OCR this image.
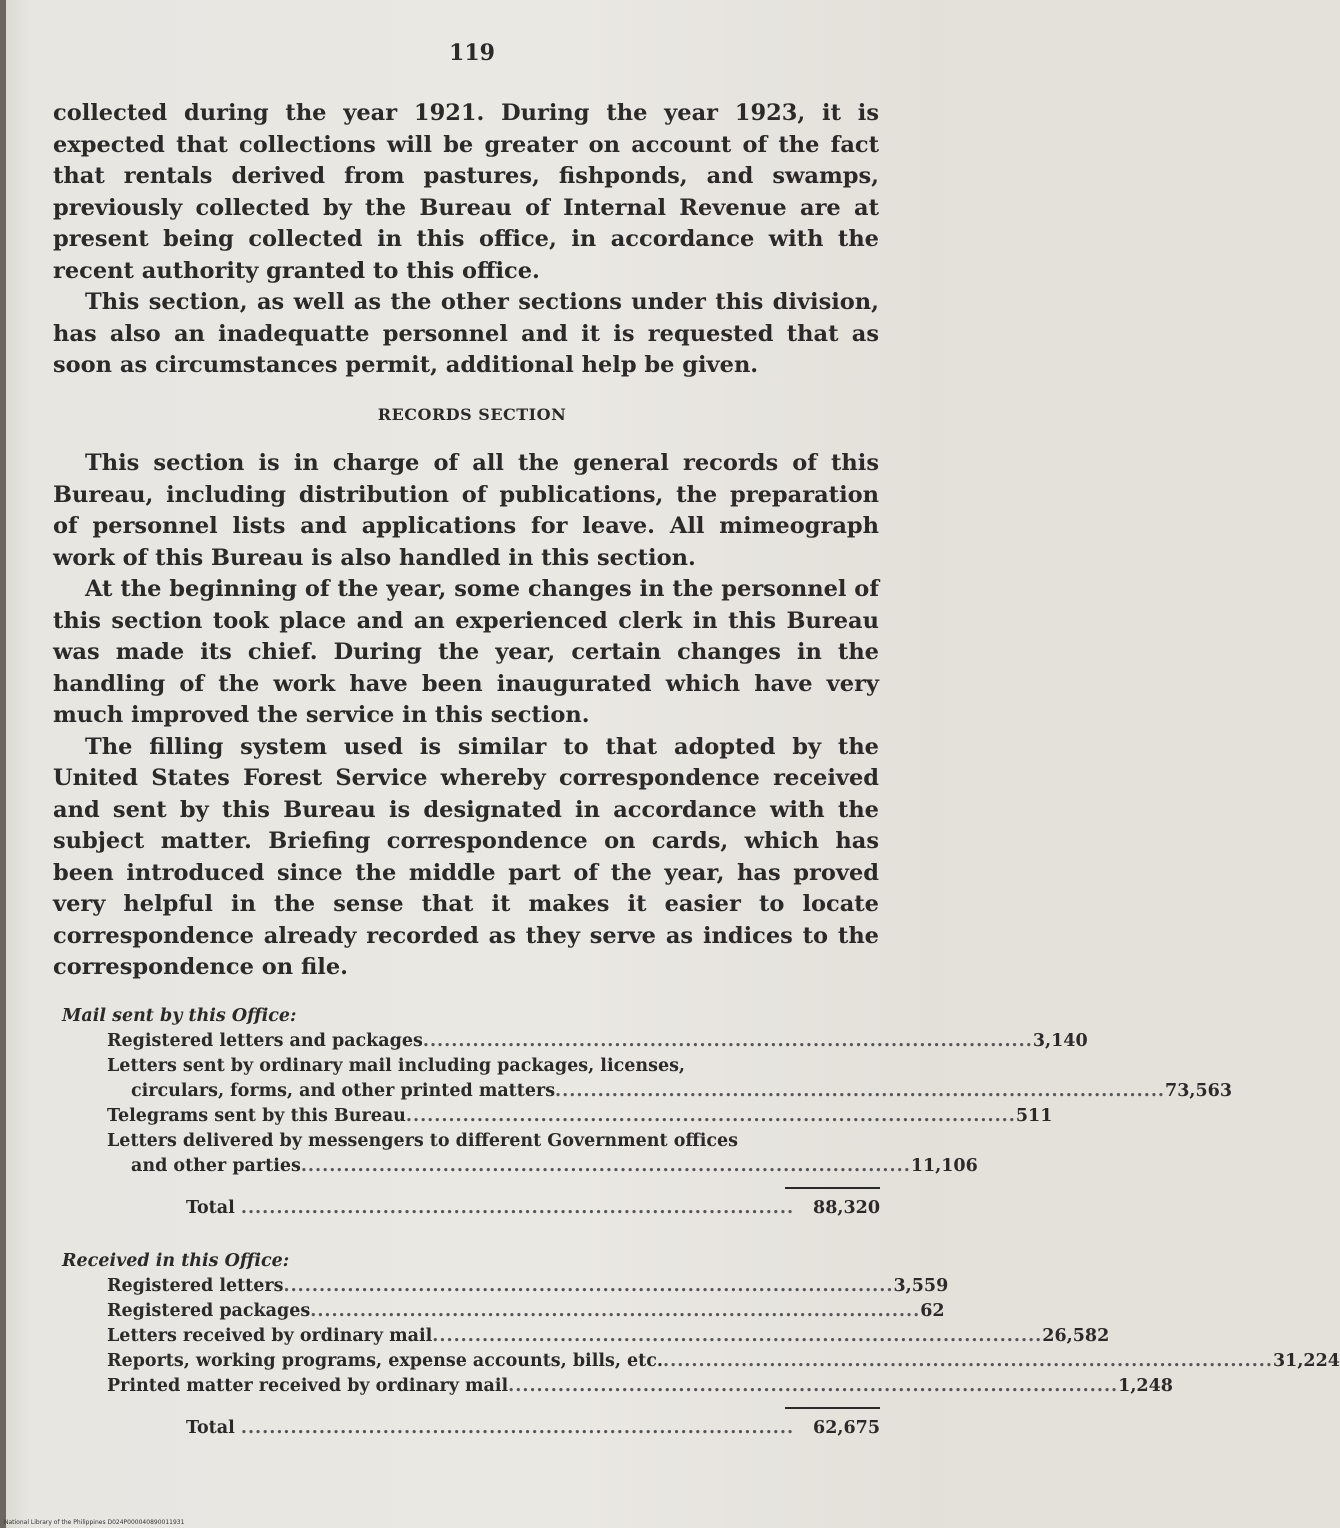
119

collected during the year 1921. During the year 1923, it is expected that collections will be greater on account of the fact that rentals derived from pastures, fishponds, and swamps, previously collected by the Bureau of Internal Revenue are at present being collected in this office, in accordance with the recent authority granted to this office.

This section, as well as the other sections under this division, has also an inadequatte personnel and it is requested that as soon as circumstances permit, additional help be given.

RECORDS SECTION

This section is in charge of all the general records of this Bureau, including distribution of publications, the preparation of personnel lists and applications for leave. All mimeograph work of this Bureau is also handled in this section.

At the beginning of the year, some changes in the personnel of this section took place and an experienced clerk in this Bureau was made its chief. During the year, certain changes in the handling of the work have been inaugurated which have very much improved the service in this section.

The filling system used is similar to that adopted by the United States Forest Service whereby correspondence received and sent by this Bureau is designated in accordance with the subject matter. Briefing correspondence on cards, which has been introduced since the middle part of the year, has proved very helpful in the sense that it makes it easier to locate correspondence already recorded as they serve as indices to the correspondence on file.

Mail sent by this Office:
Registered letters and packages...................................................................................... 3,140
Letters sent by ordinary mail including packages, licenses,
circulars, forms, and other printed matters...................................................................................... 73,563
Telegrams sent by this Bureau...................................................................................... 511
Letters delivered by messengers to different Government offices
and other parties...................................................................................... 11,106
Total ..............................................................................	88,320
Received in this Office:
Registered letters...................................................................................... 3,559
Registered packages...................................................................................... 62
Letters received by ordinary mail...................................................................................... 26,582
Reports, working programs, expense accounts, bills, etc....................................................................................... 31,224
Printed matter received by ordinary mail...................................................................................... 1,248
Total ..............................................................................	62,675
National Library of the Philippines D024P000040890011931
